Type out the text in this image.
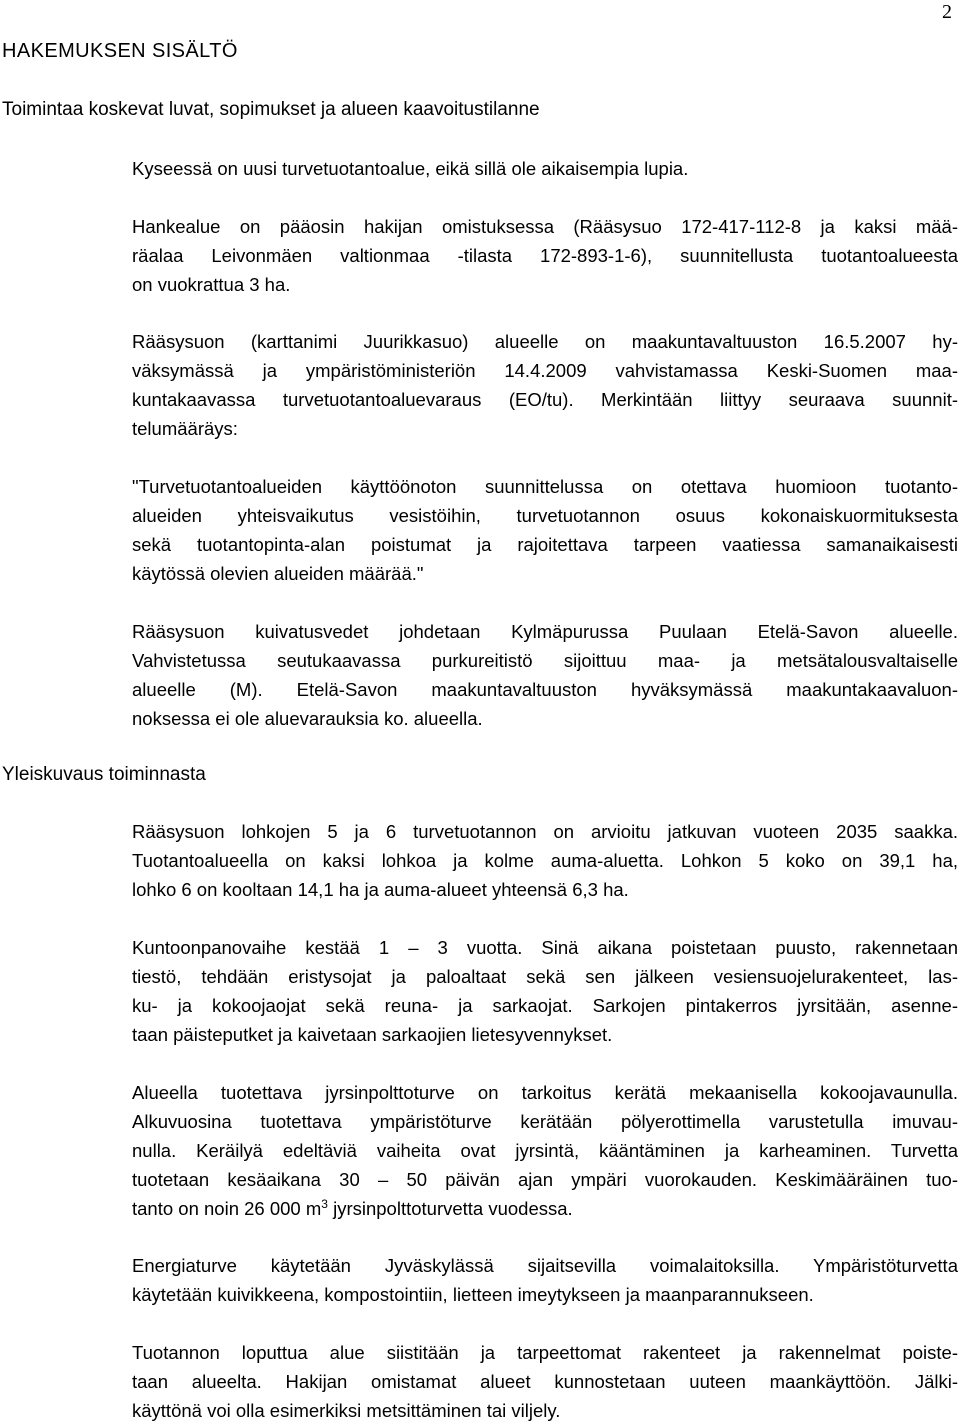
2
HAKEMUKSEN SISÄLTÖ
Toimintaa koskevat luvat, sopimukset ja alueen kaavoitustilanne

Kyseessä on uusi turvetuotantoalue, eikä sillä ole aikaisempia lupia.

Hankealue on pääosin hakijan omistuksessa (Rääsysuo 172-417-112-8 ja kaksi mää-
räalaa Leivonmäen valtionmaa -tilasta 172-893-1-6), suunnitellusta tuotantoalueesta
on vuokrattua 3 ha.

Rääsysuon (karttanimi Juurikkasuo) alueelle on maakuntavaltuuston 16.5.2007 hy-
väksymässä ja ympäristöministeriön 14.4.2009 vahvistamassa Keski-Suomen maa-
kuntakaavassa turvetuotantoaluevaraus (EO/tu). Merkintään liittyy seuraava suunnit-
telumääräys:

"Turvetuotantoalueiden käyttöönoton suunnittelussa on otettava huomioon tuotanto-
alueiden yhteisvaikutus vesistöihin, turvetuotannon osuus kokonaiskuormituksesta
sekä tuotantopinta-alan poistumat ja rajoitettava tarpeen vaatiessa samanaikaisesti
käytössä olevien alueiden määrää."

Rääsysuon kuivatusvedet johdetaan Kylmäpurussa Puulaan Etelä-Savon alueelle.
Vahvistetussa seutukaavassa purkureitistö sijoittuu maa- ja metsätalousvaltaiselle
alueelle (M). Etelä-Savon maakuntavaltuuston hyväksymässä maakuntakaavaluon-
noksessa ei ole aluevarauksia ko. alueella.

Yleiskuvaus toiminnasta

Rääsysuon lohkojen 5 ja 6 turvetuotannon on arvioitu jatkuvan vuoteen 2035 saakka.
Tuotantoalueella on kaksi lohkoa ja kolme auma-aluetta. Lohkon 5 koko on 39,1 ha,
lohko 6 on kooltaan 14,1 ha ja auma-alueet yhteensä 6,3 ha.

Kuntoonpanovaihe kestää 1 – 3 vuotta. Sinä aikana poistetaan puusto, rakennetaan
tiestö, tehdään eristysojat ja paloaltaat sekä sen jälkeen vesiensuojelurakenteet, las-
ku- ja kokoojaojat sekä reuna- ja sarkaojat. Sarkojen pintakerros jyrsitään, asenne-
taan päisteputket ja kaivetaan sarkaojien lietesyvennykset.

Alueella tuotettava jyrsinpolttoturve on tarkoitus kerätä mekaanisella kokoojavaunulla.
Alkuvuosina tuotettava ympäristöturve kerätään pölyerottimella varustetulla imuvau-
nulla. Keräilyä edeltäviä vaiheita ovat jyrsintä, kääntäminen ja karheaminen. Turvetta
tuotetaan kesäaikana 30 – 50 päivän ajan ympäri vuorokauden. Keskimääräinen tuo-
tanto on noin 26 000 $m^3$ jyrsinpolttoturvetta vuodessa.

Energiaturve käytetään Jyväskylässä sijaitsevilla voimalaitoksilla. Ympäristöturvetta
käytetään kuivikkeena, kompostointiin, lietteen imeytykseen ja maanparannukseen.

Tuotannon loputtua alue siistitään ja tarpeettomat rakenteet ja rakennelmat poiste-
taan alueelta. Hakijan omistamat alueet kunnostetaan uuteen maankäyttöön. Jälki-
käyttönä voi olla esimerkiksi metsittäminen tai viljely.
